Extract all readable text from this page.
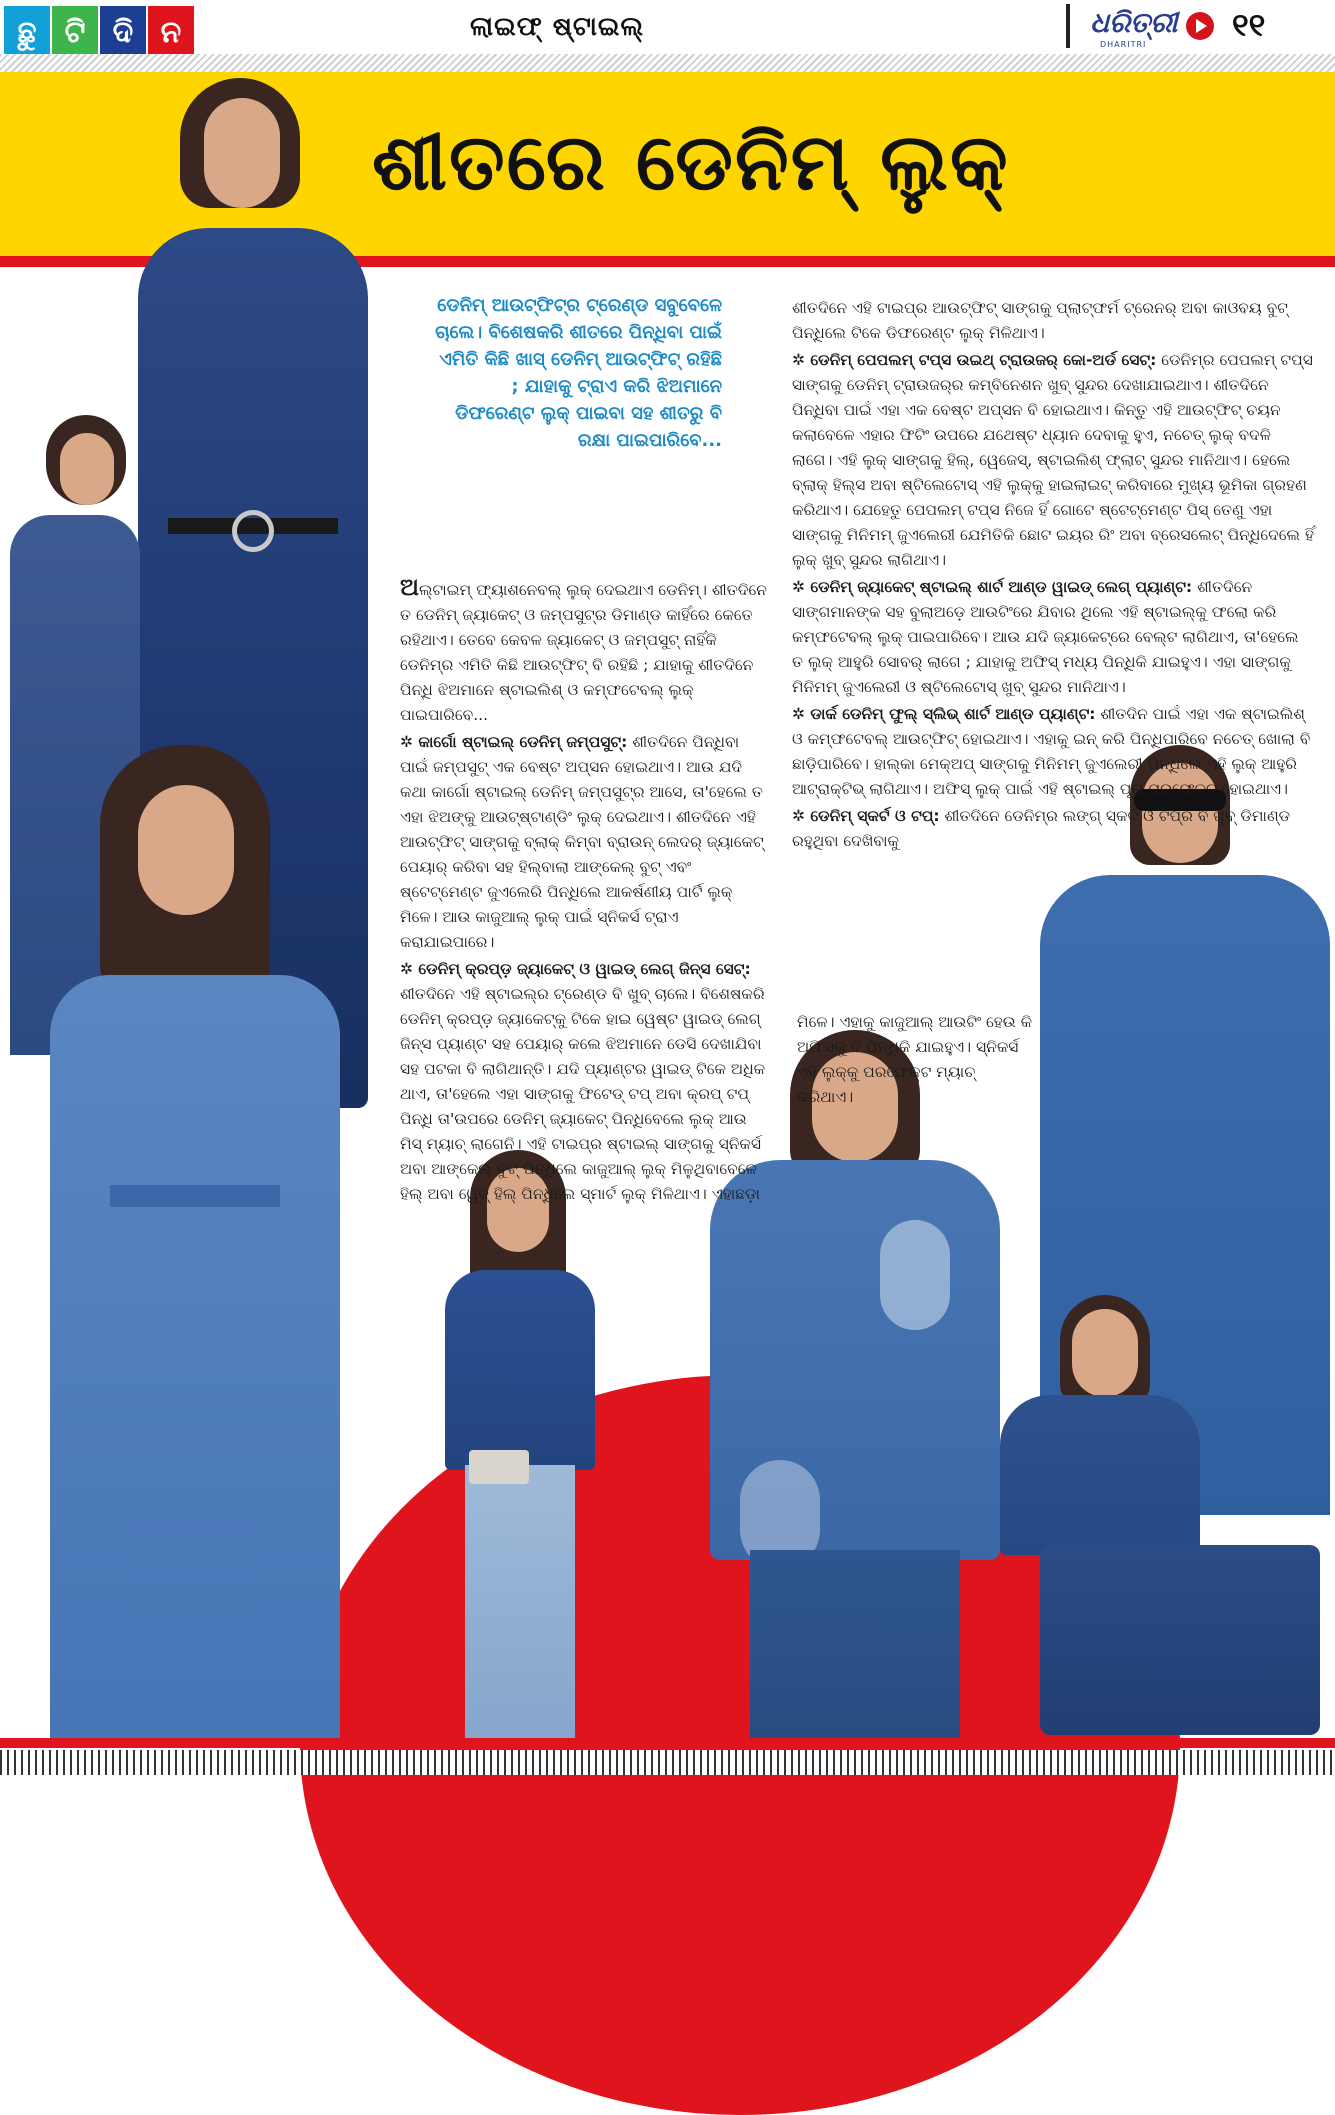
ଛୁ ଟି ଦି ନ	ଲାଇଫ୍ ଷ୍ଟାଇଲ୍	ଧରିତ୍ରୀ
DHARITRI
୧୧
ଶୀତରେ ଡେନିମ୍ ଲୁକ୍
ଡେନିମ୍ ଆଉଟ୍‌ଫିଟ୍‌ର ଟ୍ରେଣ୍ଡ ସବୁବେଳେ ଚାଲେ। ବିଶେଷକରି ଶୀତରେ ପିନ୍ଧିବା ପାଇଁ ଏମିତି କିଛି ଖାସ୍ ଡେନିମ୍ ଆଉଟ୍‌ଫିଟ୍ ରହିଛି ; ଯାହାକୁ ଟ୍ରାଏ କରି ଝିଅମାନେ ଡିଫରେଣ୍ଟ ଲୁକ୍ ପାଇବା ସହ ଶୀତରୁ ବି ରକ୍ଷା ପାଇପାରିବେ...

ଅଲ୍‌ଟାଇମ୍ ଫ୍ୟାଶନେବଲ୍ ଲୁକ୍ ଦେଇଥାଏ ଡେନିମ୍। ଶୀତଦିନେ ତ ଡେନିମ୍ ଜ୍ୟାକେଟ୍ ଓ ଜମ୍ପସୁଟ୍‌ର ଡିମାଣ୍ଡ କାହିଁରେ କେତେ ରହିଥାଏ। ତେବେ କେବଳ ଜ୍ୟାକେଟ୍ ଓ ଜମ୍ପସୁଟ୍ ନାହିଁକି ଡେନିମ୍‌ର ଏମିତି କିଛି ଆଉଟ୍‌ଫିଟ୍ ବି ରହିଛି ; ଯାହାକୁ ଶୀତଦିନେ ପିନ୍ଧି ଝିଅମାନେ ଷ୍ଟାଇଲିଶ୍ ଓ କମ୍ଫଟେବଲ୍ ଲୁକ୍ ପାଇପାରିବେ...

✲ କାର୍ଗୋ ଷ୍ଟାଇଲ୍ ଡେନିମ୍ ଜମ୍ପସୁଟ୍: ଶୀତଦିନେ ପିନ୍ଧିବା ପାଇଁ ଜମ୍ପସୁଟ୍ ଏକ ବେଷ୍ଟ ଅପ୍ସନ ହୋଇଥାଏ। ଆଉ ଯଦି କଥା କାର୍ଗୋ ଷ୍ଟାଇଲ୍ ଡେନିମ୍ ଜମ୍ପସୁଟ୍‌ର ଆସେ, ତା'ହେଲେ ତ ଏହା ଝିଅଙ୍କୁ ଆଉଟ୍‌ଷ୍ଟାଣ୍ଡିଂ ଲୁକ୍ ଦେଇଥାଏ। ଶୀତଦିନେ ଏହି ଆଉଟ୍‌ଫିଟ୍ ସାଙ୍ଗକୁ ବ୍ଲାକ୍ କିମ୍ବା ବ୍ରାଉନ୍ ଲେଦର୍ ଜ୍ୟାକେଟ୍ ପେୟାର୍ କରିବା ସହ ହିଲ୍‌ବାଲା ଆଙ୍କେଲ୍ ବୁଟ୍ ଏବଂ ଷ୍ଟେଟ୍‌ମେଣ୍ଟ ଜୁଏଲେରି ପିନ୍ଧିଲେ ଆକର୍ଷଣୀୟ ପାର୍ଟି ଲୁକ୍ ମିଳେ। ଆଉ କାଜୁଆଲ୍ ଲୁକ୍ ପାଇଁ ସ୍ନିକର୍ସ ଟ୍ରାଏ କରାଯାଇପାରେ।

✲ ଡେନିମ୍ କ୍ରପ୍ଡ଼ ଜ୍ୟାକେଟ୍ ଓ ୱାଇଡ୍ ଲେଗ୍ ଜିନ୍ସ ସେଟ୍: ଶୀତଦିନେ ଏହି ଷ୍ଟାଇଲ୍‌ର ଟ୍ରେଣ୍ଡ ବି ଖୁବ୍ ଚାଲେ। ବିଶେଷକରି ଡେନିମ୍ କ୍ରପ୍ଡ଼ ଜ୍ୟାକେଟ୍‌କୁ ଟିକେ ହାଇ ୱେଷ୍ଟ ୱାଇଡ୍ ଲେଗ୍ ଜିନ୍ସ ପ୍ୟାଣ୍ଟ ସହ ପେୟାର୍ କଲେ ଝିଅମାନେ ଡେସି ଦେଖାଯିବା ସହ ପଟକା ବି ଲାଗିଥାନ୍ତି। ଯଦି ପ୍ୟାଣ୍ଟର ୱାଇଡ୍ ଟିକେ ଅଧିକ ଥାଏ, ତା'ହେଲେ ଏହା ସାଙ୍ଗକୁ ଫିଟେଡ୍ ଟପ୍ ଅବା କ୍ରପ୍ ଟପ୍ ପିନ୍ଧି ତା'ଉପରେ ଡେନିମ୍ ଜ୍ୟାକେଟ୍ ପିନ୍ଧିବେଲେ ଲୁକ୍ ଆଉ ମିସ୍ ମ୍ୟାଚ୍ ଲାଗେନି। ଏହି ଟାଇପ୍‌ର ଷ୍ଟାଇଲ୍ ସାଙ୍ଗକୁ ସ୍ନିକର୍ସ ଅବା ଆଙ୍କେଲ୍ ବୁଟ୍ ପିନ୍ଧିଲେ କାଜୁଆଲ୍ ଲୁକ୍ ମିଳୁଥିବାବେଳେ ହିଲ୍ ଅବା ୱେଜ୍ ହିଲ୍ ପିନ୍ଧିଲେ ସ୍ମାର୍ଟ ଲୁକ୍ ମିଳିଥାଏ। ଏହାଛଡ଼ା

ଶୀତଦିନେ ଏହି ଟାଇପ୍‌ର ଆଉଟ୍‌ଫିଟ୍ ସାଙ୍ଗକୁ ପ୍ଲାଟ୍‌ଫର୍ମ ଟ୍ରେନର୍ ଅବା କାଓବୟ ବୁଟ୍ ପିନ୍ଧିଲେ ଟିକେ ଡିଫରେଣ୍ଟ ଲୁକ୍ ମିଳିଥାଏ।

✲ ଡେନିମ୍ ପେପଲମ୍ ଟପ୍ସ ଉଇଥ୍ ଟ୍ରାଉଜର୍ କୋ-ଅର୍ଡ ସେଟ୍: ଡେନିମ୍‌ର ପେପଲମ୍ ଟପ୍ସ ସାଙ୍ଗକୁ ଡେନିମ୍ ଟ୍ରାଉଜର୍‌ର କମ୍ବିନେଶନ ଖୁବ୍ ସୁନ୍ଦର ଦେଖାଯାଇଥାଏ। ଶୀତଦିନେ ପିନ୍ଧିବା ପାଇଁ ଏହା ଏକ ବେଷ୍ଟ ଅପ୍ସନ ବି ହୋଇଥାଏ। କିନ୍ତୁ ଏହି ଆଉଟ୍‌ଫିଟ୍ ଚୟନ କଲାବେଳେ ଏହାର ଫିଟିଂ ଉପରେ ଯଥେଷ୍ଟ ଧ୍ୟାନ ଦେବାକୁ ହୁଏ, ନଚେତ୍ ଲୁକ୍ ବଦଳି ଲାଗେ। ଏହି ଲୁକ୍ ସାଙ୍ଗକୁ ହିଲ୍, ୱେଜେସ୍, ଷ୍ଟାଇଲିଶ୍ ଫ୍ଲାଟ୍ ସୁନ୍ଦର ମାନିଥାଏ। ହେଲେ ବ୍ଲାକ୍ ହିଲ୍ସ ଅବା ଷ୍ଟିଲେଟୋସ୍ ଏହି ଲୁକ୍‌କୁ ହାଇଲାଇଟ୍ କରିବାରେ ମୁଖ୍ୟ ଭୂମିକା ଗ୍ରହଣ କରିଥାଏ। ଯେହେତୁ ପେପଲମ୍ ଟପ୍ସ ନିଜେ ହିଁ ଗୋଟେ ଷ୍ଟେଟ୍‌ମେଣ୍ଟ ପିସ୍ ତେଣୁ ଏହା ସାଙ୍ଗକୁ ମିନିମମ୍ ଜୁଏଲେରୀ ଯେମିତିକି ଛୋଟ ଇୟର ରିଂ ଅବା ବ୍ରେସଲେଟ୍ ପିନ୍ଧିଦେଲେ ହିଁ ଲୁକ୍ ଖୁବ୍ ସୁନ୍ଦର ଲାଗିଥାଏ।

✲ ଡେନିମ୍ ଜ୍ୟାକେଟ୍ ଷ୍ଟାଇଲ୍ ଶାର୍ଟ ଆଣ୍ଡ ୱାଇଡ୍ ଲେଗ୍ ପ୍ୟାଣ୍ଟ: ଶୀତଦିନେ ସାଙ୍ଗମାନଙ୍କ ସହ ବୁଲାଅଡ଼େ ଆଉଟିଂରେ ଯିବାର ଥିଲେ ଏହି ଷ୍ଟାଇଲ୍‌କୁ ଫଲୋ କରି କମ୍ଫଟେବଲ୍ ଲୁକ୍ ପାଇପାରିବେ। ଆଉ ଯଦି ଜ୍ୟାକେଟ୍‌ରେ ବେଲ୍ଟ ଲାଗିଥାଏ, ତା'ହେଲେ ତ ଲୁକ୍ ଆହୁରି ସୋବର୍ ଲାଗେ ; ଯାହାକୁ ଅଫିସ୍ ମଧ୍ୟ ପିନ୍ଧିକି ଯାଇହୁଏ। ଏହା ସାଙ୍ଗକୁ ମିନିମମ୍ ଜୁଏଲେରୀ ଓ ଷ୍ଟିଲେଟୋସ୍ ଖୁବ୍ ସୁନ୍ଦର ମାନିଥାଏ।

✲ ଡାର୍କ ଡେନିମ୍ ଫୁଲ୍ ସ୍ଲିଭ୍ ଶାର୍ଟ ଆଣ୍ଡ ପ୍ୟାଣ୍ଟ: ଶୀତଦିନ ପାଇଁ ଏହା ଏକ ଷ୍ଟାଇଲିଶ୍ ଓ କମ୍ଫଟେବଲ୍ ଆଉଟ୍‌ଫିଟ୍ ହୋଇଥାଏ। ଏହାକୁ ଇନ୍ କରି ପିନ୍ଧିପାରିବେ ନଚେତ୍ ଖୋଲା ବି ଛାଡ଼ିପାରିବେ। ହାଲ୍‌କା ମେକ୍‌ଅପ୍ ସାଙ୍ଗକୁ ମିନିମମ୍ ଜୁଏଲେରୀ ପିନ୍ଧିଲେ ଏହି ଲୁକ୍ ଆହୁରି ଆଟ୍ରାକ୍ଟିଭ୍ ଲାଗିଥାଏ। ଅଫିସ୍ ଲୁକ୍ ପାଇଁ ଏହି ଷ୍ଟାଇଲ୍ ପୂରା ପରଫେକ୍ଟ ହୋଇଥାଏ।

✲ ଡେନିମ୍ ସ୍କର୍ଟ ଓ ଟପ୍: ଶୀତଦିନେ ଡେନିମ୍‌ର ଲଙ୍ଗ୍ ସ୍କର୍ଟ ଓ ଟପ୍‌ର ବି ଖୁବ୍ ଡିମାଣ୍ଡ ରହୁଥିବା ଦେଖିବାକୁ

ମିଳେ। ଏହାକୁ କାଜୁଆଲ୍ ଆଉଟିଂ ହେଉ କି ଅଫିସ୍‌କୁ ବି ପିନ୍ଧିକି ଯାଇହୁଏ। ସ୍ନିକର୍ସ ଏହି ଲୁକ୍‌କୁ ପରଫେକ୍ଟ ମ୍ୟାଚ୍ କରିଥାଏ।
